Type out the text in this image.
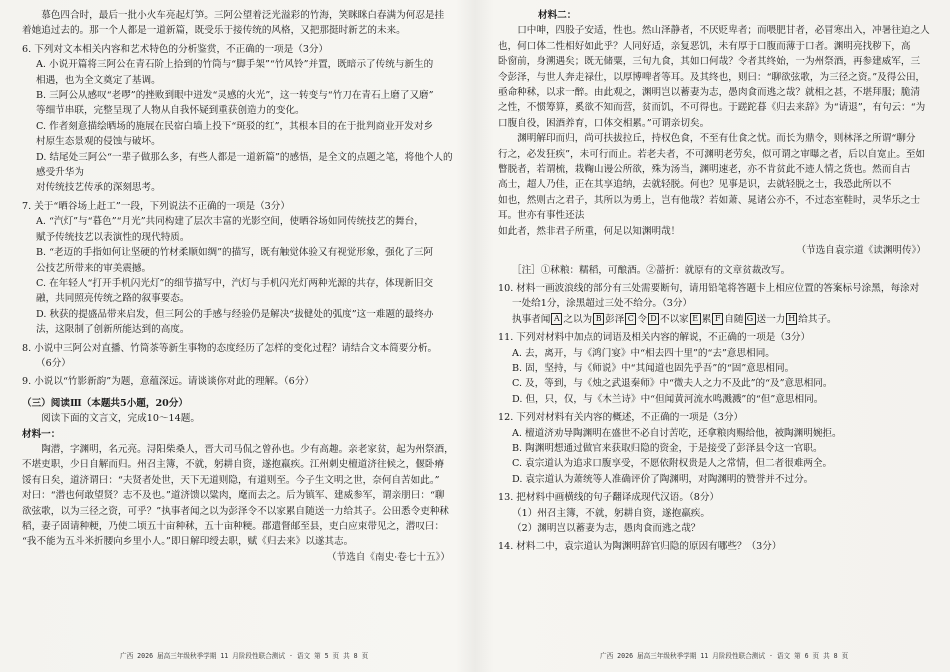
慕色四合时，最后一批小火车亮起灯笋。三阿公望着泛光溢彩的竹海，笑眯眯白春满为何忍是挂
着她追过去的。那一个人都是一道新篇，既受乐于接传统的风格，又把那挺时新艺的未来。
6. 下列对文本相关内容和艺术特色的分析鉴赏，不正确的一项是（3分）
A. 小说开篇将三阿公在青石阶上拾到的竹筒与“脚手架”“竹风铃”并置，既暗示了传统与新生的
相遇，也为全文奠定了基调。
B. 三阿公从感叹“老啰”的挫败到眼中迸发“灵感的火光”，这一转变与“竹刀在青石上磨了又磨”
等细节串联，完整呈现了人物从自我怀疑到重获创造力的变化。
C. 作者刻意描绘晒场的施展在民宿白墙上投下“斑驳的红”，其根本目的在于批判商业开发对乡
村原生态景观的侵蚀与破坏。
D. 结尾处三阿公“一辈子做那么多，有些人都是一道新篇”的感悟，是全文的点题之笔，将他个人的感受升华为
对传统技艺传承的深刻思考。
7. 关于“晒谷场上赶工”一段，下列说法不正确的一项是（3分）
A. “汽灯”与“暮色”“月光”共同构建了层次丰富的光影空间，使晒谷场如同传统技艺的舞台，
赋予传统技艺以表演性的现代特质。
B. “老迈的手指如何让坚硬的竹材柔顺如绸”的描写，既有触觉体验又有视觉形象，强化了三阿
公技艺所带来的审美震撼。
C. 在年轻人“打开手机闪光灯”的细节描写中，汽灯与手机闪光灯两种光源的共存，体现新旧交
融，共同照亮传统之路的叙事要态。
D. 秋获的提盛品带来启发，但三阿公的手感与经验仍是解决“拔健处的弧度”这一难题的最终办
法，这限制了创新所能达到的高度。
8. 小说中三阿公对直播、竹筒茶等新生事物的态度经历了怎样的变化过程？请结合文本简要分析。
（6分）
9. 小说以“竹影新韵”为题，意蕴深远。请谈谈你对此的理解。（6分）
（三）阅读Ⅲ（本题共5小题，20分）
阅读下面的文言文，完成10～14题。
材料一：
陶潜，字渊明，名元亮。浔阳柴桑人，晋大司马侃之曾孙也。少有高趣。亲老家贫，起为州祭酒，
不堪吏职，少日自解而归。州召主簿，不就，躬耕自资，遂抱羸疾。江州刺史檀道济往候之，偃卧瘠
馁有日矣，道济谓曰：“夫贤者处世，天下无道则隐，有道则至。今子生文明之世，奈何自苦如此。”
对曰：“潜也何敢望贤？志不及也。”道济馈以粱肉，麾而去之。后为镇军、建威参军，谓亲朋曰：“聊
欲弦歌，以为三径之资，可乎？”执事者闻之以为彭泽令不以家累自随送一力给其子。公田悉令吏种秫
稻，妻子固请种粳，乃使二顷五十亩种秫，五十亩种粳。郡遣督邮至县，吏白应束带见之，潜叹曰：
“我不能为五斗米折腰向乡里小人。”即日解印绶去职，赋《归去来》以遂其志。
（节选自《南史·卷七十五》）
广西 2026 届高三年级秋季学期 11 月阶段性联合测试 · 语文 第 5 页 共 8 页
材料二：
口中呻，四股子安适，性也。然山泽静者，不厌贬卑者；而喂肥甘者，必冒寒出入，冲暑往迫之人
也，何口体二性相好如此乎？人同好适，亲复恶饥，未有厚于口腹而薄于口者。渊明亮找秽下，高
卧窗前，身溯遇矣；既无储粟，三旬九食，其如口何哉？令者其终始，一为州祭酒，再参建威军，三
令彭泽，与世人奔走禄仕，以厚博啤者等耳。及其终也，则曰：“聊欲弦歌，为三径之资。”及得公田，
亟命种秫，以求一醉。由此观之，渊明岂以蓄妻为志，愚肉食而逃之哉？就相之甚，不堪拜服；脆清
之性，不惯筹算，奚欲不知而营，贫而饥，不可得也。于蹉跎暮《归去来辞》为“请退”，有句云：“为
口腹自役，困酒养育，口体交相累。”可谓亲切矣。
渊明解印而归，尚可扶拔拉丘，持权色食，不至有仕食之忧。而长为鼎令，则林泽之所谓“聊分
行之，必发狂疾”，未可行而止。若老夫者，不可渊明老劳矣，似可谓之审曝之者，后以自宽止。至如
瞥脱者，若谓梳，栽鞠山谩公所欲，殊为汤当，渊明速老，亦不肯贫此不迹人情之货也。然而自古
高士，超人乃佳，正在其享追纳，去就轻脱。何也？见事是识，去就轻脱之士，我恐此所以不
如也，然则古之君子，其所以为勇上，岂有他哉？若如萧、晁诸公亦不，不过态室鞋时，灵华乐之士耳。世亦有事性还法
如此者，然非君子所重，何足以知渊明哉！
（节选自袁宗道《读渊明传》）
［注］①秫粮：糯稻，可酿酒。②蔷折：就原有的文章贫裁改写。
10. 材料一画波浪线的部分有三处需要断句，请用铅笔将答题卡上相应位置的答案标号涂黑，每涂对
一处给1分，涂黑超过三处不给分。（3分）
执事者闻 A 之以为 B 彭泽 C 令 D 不以家 E 累 F 自随 G 送一力 H 给其子。
11. 下列对材料中加点的词语及相关内容的解说，不正确的一项是（3分）
A. 去，离开，与《鸿门宴》中“相去四十里”的“去”意思相同。
B. 固，坚持，与《师说》中“其闻道也固先乎吾”的“固”意思相同。
C. 及，等到，与《烛之武退秦师》中“微夫人之力不及此”的“及”意思相同。
D. 但，只，仅，与《木兰诗》中“但闻黄河流水鸣溅溅”的“但”意思相同。
12. 下列对材料有关内容的概述，不正确的一项是（3分）
A. 檀道济劝导陶渊明在盛世不必自讨苦吃，还拿粮肉赐给他，被陶渊明婉拒。
B. 陶渊明想通过做官来获取归隐的资金，于是接受了彭泽县令这一官职。
C. 袁宗道认为追求口腹享受，不愿依附权贵是人之常情，但二者很难两全。
D. 袁宗道认为萧统等人准确评价了陶渊明，对陶渊明的赞誉并不过分。
13. 把材料中画横线的句子翻译成现代汉语。（8分）
（1）州召主簿，不就，躬耕自资，遂抱羸疾。
（2）渊明岂以蓄妻为志，愚肉食而逃之哉？
14. 材料二中，袁宗道认为陶渊明辞官归隐的原因有哪些？（3分）
广西 2026 届高三年级秋季学期 11 月阶段性联合测试 · 语文 第 6 页 共 8 页
